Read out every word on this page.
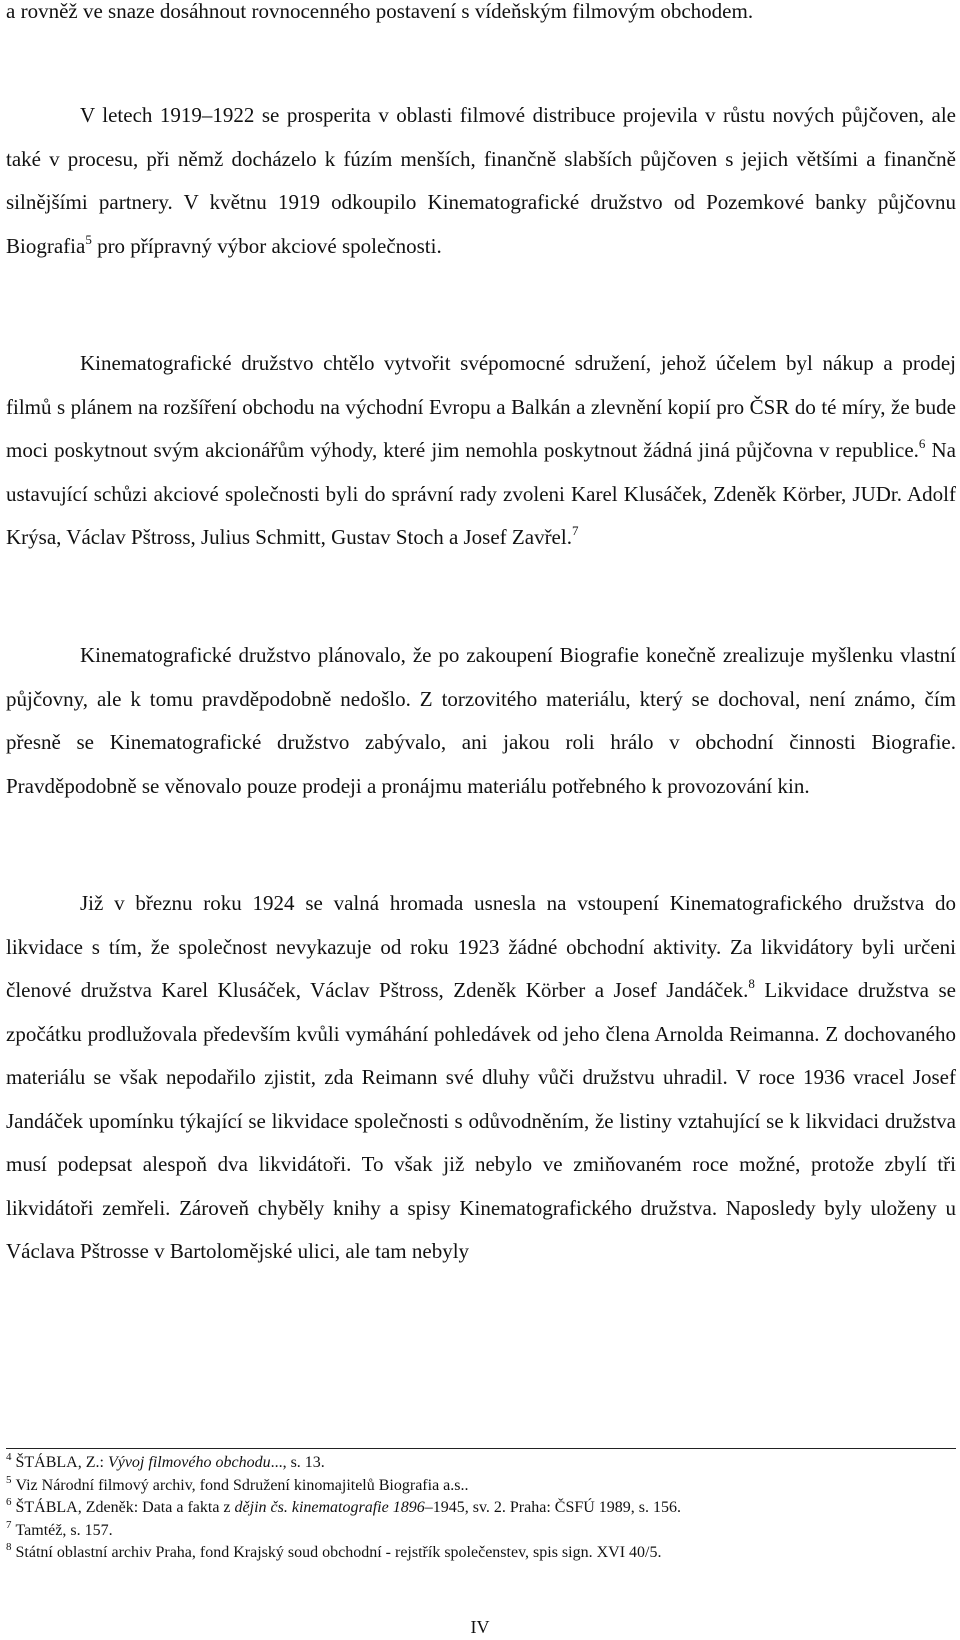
a rovněž ve snaze dosáhnout rovnocenného postavení s vídeňským filmovým obchodem.

V letech 1919–1922 se prosperita v oblasti filmové distribuce projevila v růstu nových půjčoven, ale také v procesu, při němž docházelo k fúzím menších, finančně slabších půjčoven s jejich většími a finančně silnějšími partnery. V květnu 1919 odkoupilo Kinematografické družstvo od Pozemkové banky půjčovnu Biografia$^5$ pro přípravný výbor akciové společnosti.

Kinematografické družstvo chtělo vytvořit svépomocné sdružení, jehož účelem byl nákup a prodej filmů s plánem na rozšíření obchodu na východní Evropu a Balkán a zlevnění kopií pro ČSR do té míry, že bude moci poskytnout svým akcionářům výhody, které jim nemohla poskytnout žádná jiná půjčovna v republice.$^6$ Na ustavující schůzi akciové společnosti byli do správní rady zvoleni Karel Klusáček, Zdeněk Körber, JUDr. Adolf Krýsa, Václav Pštross, Julius Schmitt, Gustav Stoch a Josef Zavřel.$^7$

Kinematografické družstvo plánovalo, že po zakoupení Biografie konečně zrealizuje myšlenku vlastní půjčovny, ale k tomu pravděpodobně nedošlo. Z torzovitého materiálu, který se dochoval, není známo, čím přesně se Kinematografické družstvo zabývalo, ani jakou roli hrálo v obchodní činnosti Biografie. Pravděpodobně se věnovalo pouze prodeji a pronájmu materiálu potřebného k provozování kin.

Již v březnu roku 1924 se valná hromada usnesla na vstoupení Kinematografického družstva do likvidace s tím, že společnost nevykazuje od roku 1923 žádné obchodní aktivity. Za likvidátory byli určeni členové družstva Karel Klusáček, Václav Pštross, Zdeněk Körber a Josef Jandáček.$^8$ Likvidace družstva se zpočátku prodlužovala především kvůli vymáhání pohledávek od jeho člena Arnolda Reimanna. Z dochovaného materiálu se však nepodařilo zjistit, zda Reimann své dluhy vůči družstvu uhradil. V roce 1936 vracel Josef Jandáček upomínku týkající se likvidace společnosti s odůvodněním, že listiny vztahující se k likvidaci družstva musí podepsat alespoň dva likvidátoři. To však již nebylo ve zmiňovaném roce možné, protože zbylí tři likvidátoři zemřeli. Zároveň chyběly knihy a spisy Kinematografického družstva. Naposledy byly uloženy u Václava Pštrosse v Bartolomějské ulici, ale tam nebyly

$^4$ ŠTÁBLA, Z.: Vývoj filmového obchodu..., s. 13.

$^5$ Viz Národní filmový archiv, fond Sdružení kinomajitelů Biografia a.s..

$^6$ ŠTÁBLA, Zdeněk: Data a fakta z dějin čs. kinematografie 1896–1945, sv. 2. Praha: ČSFÚ 1989, s. 156.

$^7$ Tamtéž, s. 157.

$^8$ Státní oblastní archiv Praha, fond Krajský soud obchodní - rejstřík společenstev, spis sign. XVI 40/5.

IV
